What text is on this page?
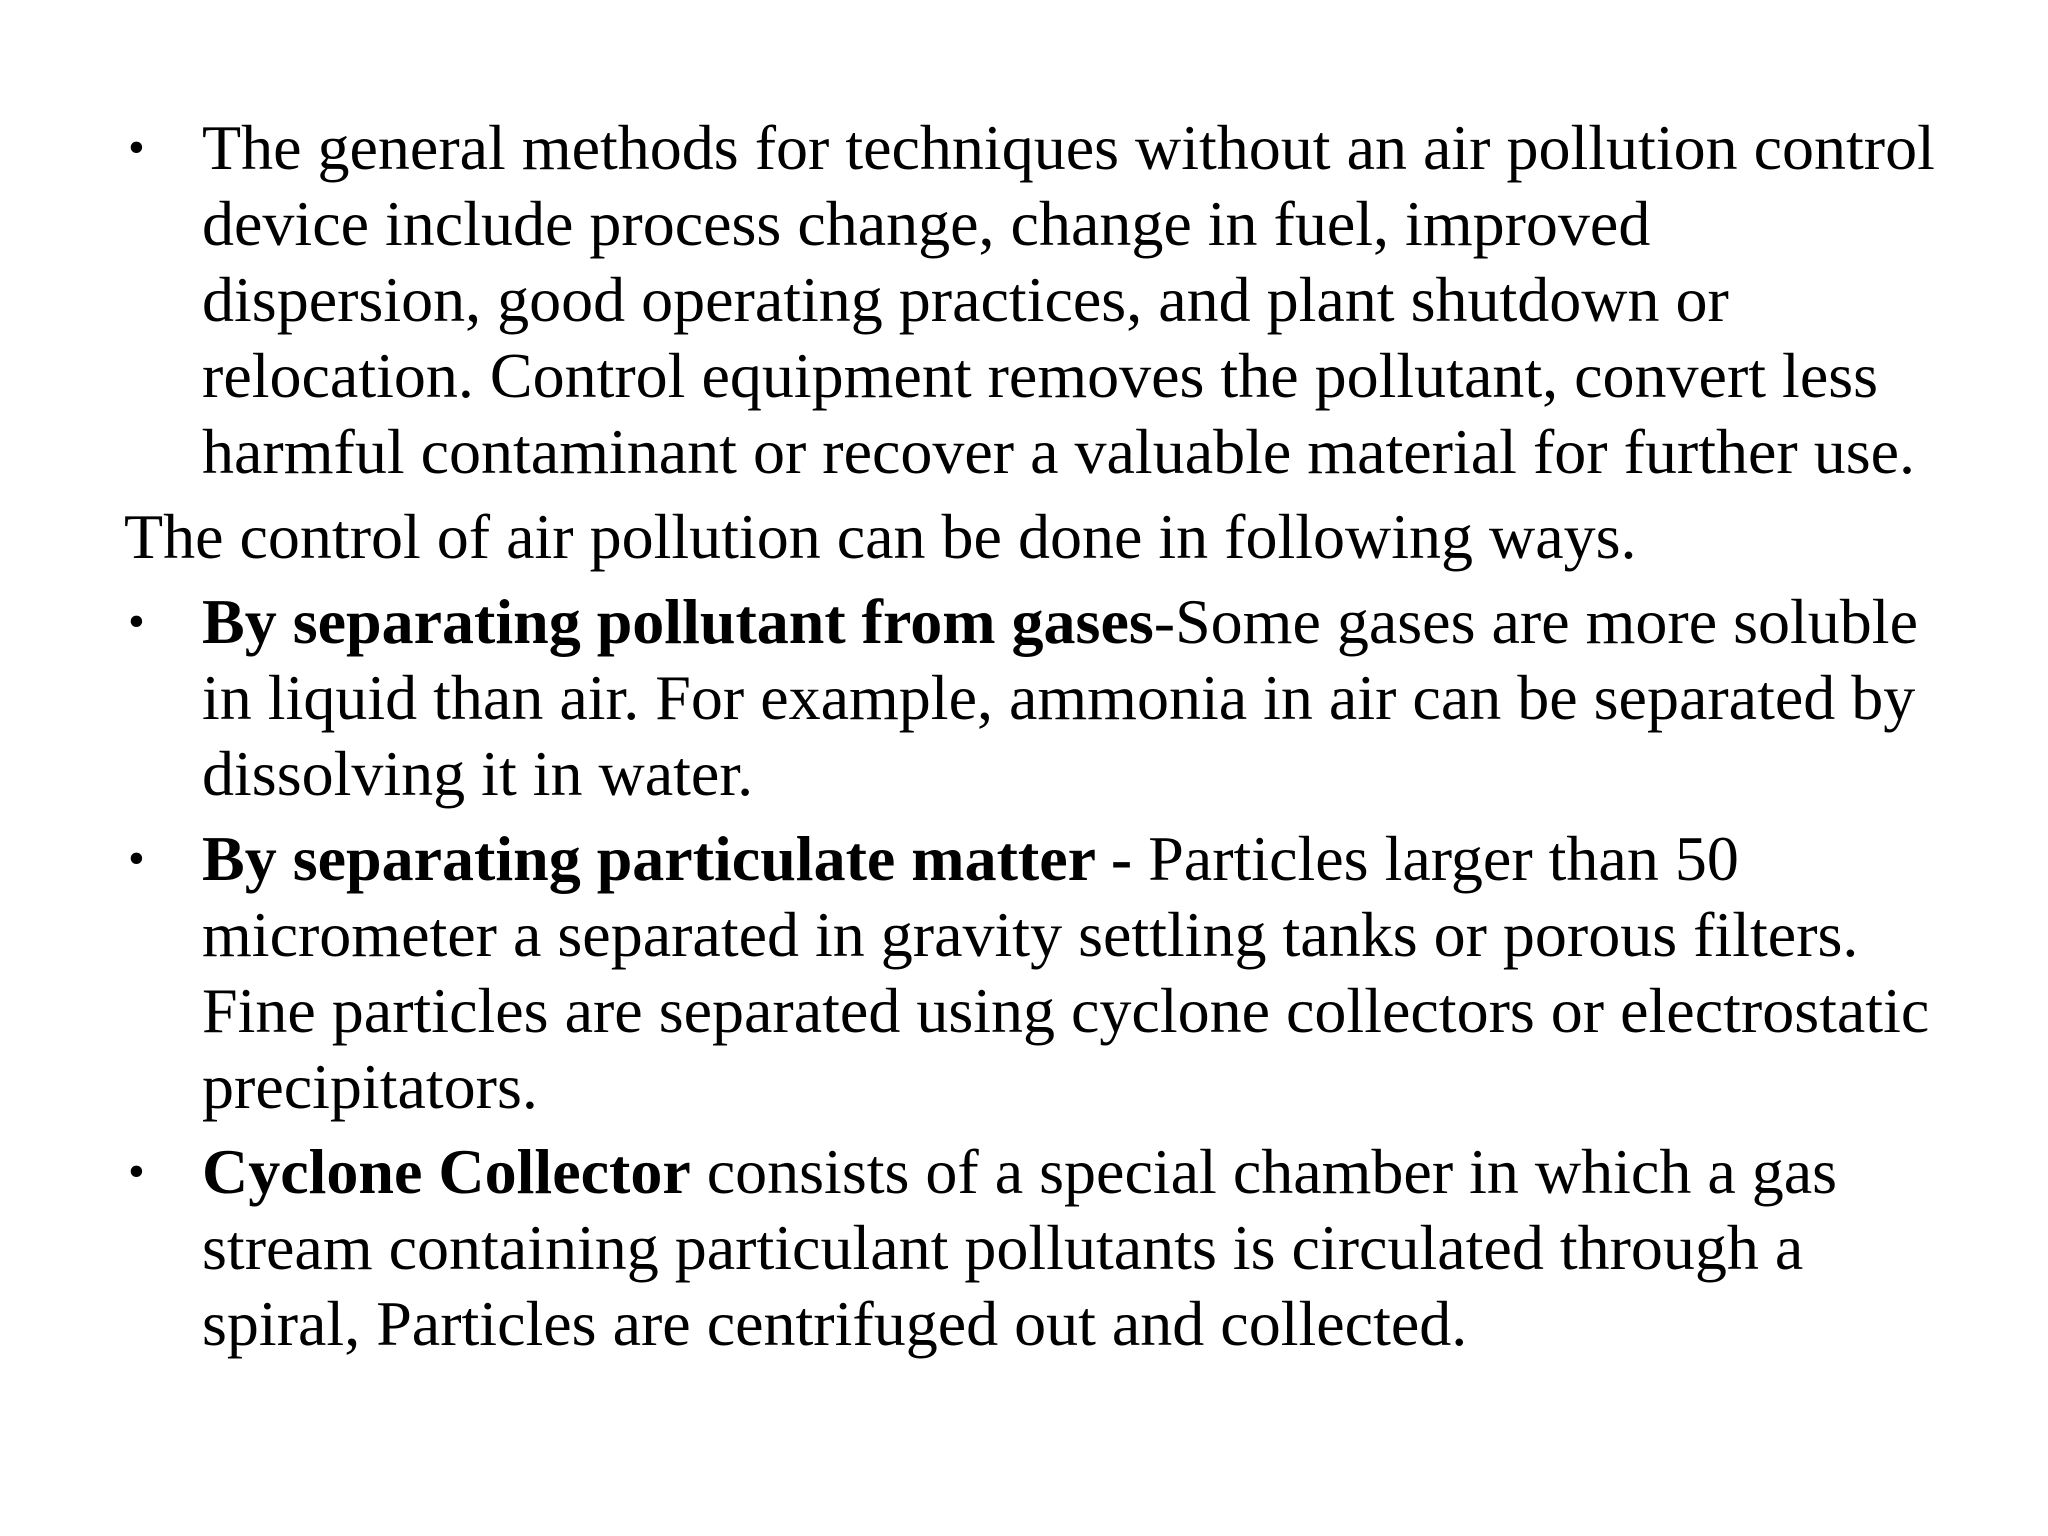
• The general methods for techniques without an air pollution control device include process change, change in fuel, improved dispersion, good operating practices, and plant shutdown or relocation. Control equipment removes the pollutant, convert less harmful contaminant or recover a valuable material for further use.
The control of air pollution can be done in following ways.
• By separating pollutant from gases-Some gases are more soluble in liquid than air. For example, ammonia in air can be separated by dissolving it in water.
• By separating particulate matter - Particles larger than 50 micrometer a separated in gravity settling tanks or porous filters. Fine particles are separated using cyclone collectors or electrostatic precipitators.
• Cyclone Collector consists of a special chamber in which a gas stream containing particulant pollutants is circulated through a spiral, Particles are centrifuged out and collected.
